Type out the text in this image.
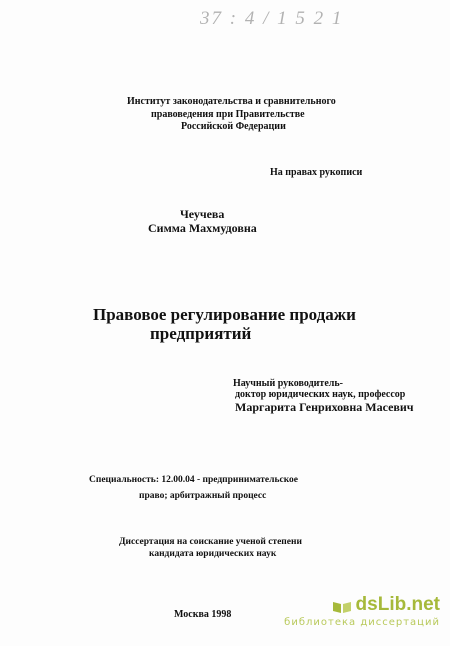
37 : 4 / 1 5 2 1
Институт законодательства и сравнительного
правоведения при Правительстве
Российской Федерации
На правах рукописи
Чеучева
Симма Махмудовна
Правовое регулирование продажи
предприятий
Научный руководитель-
доктор юридических наук, профессор
Маргарита Генриховна Масевич
Специальность: 12.00.04 - предпринимательское
право; арбитражный процесс
Диссертация на соискание ученой степени
кандидата юридических наук
Москва 1998	dsLib.net
библиотека диссертаций
